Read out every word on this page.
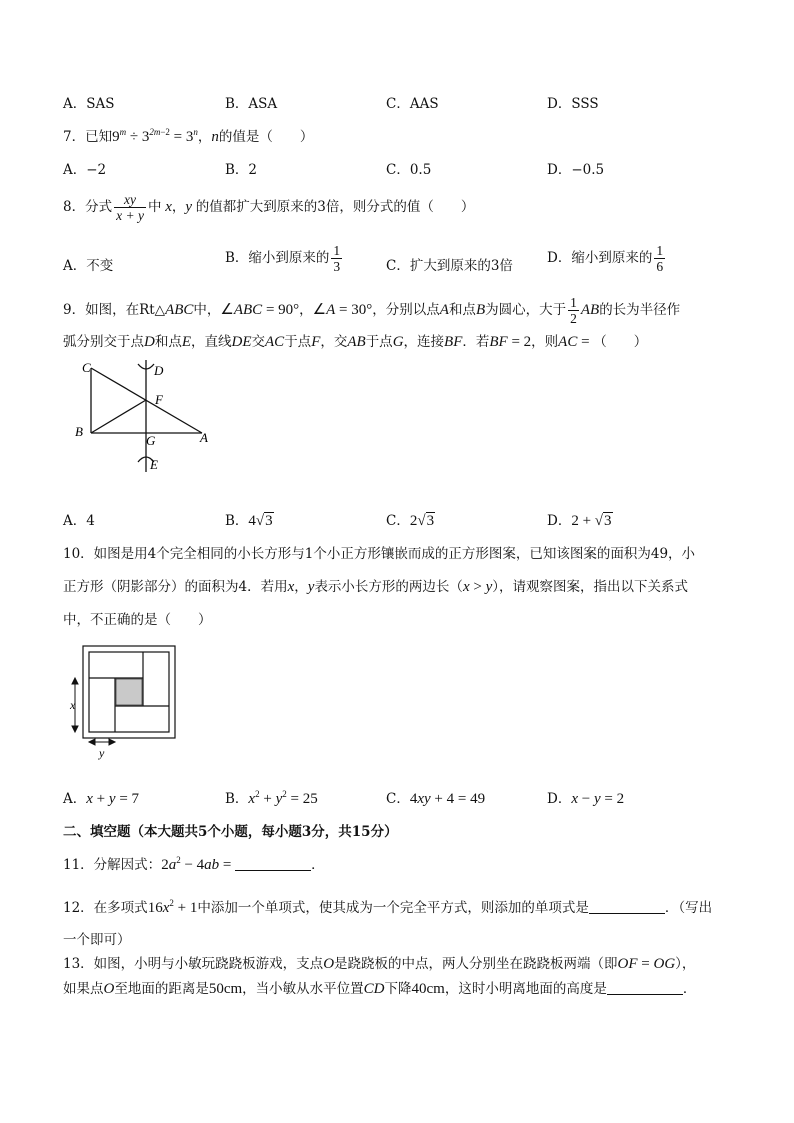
A．SAS	B．ASA	C．AAS	D．SSS
7．已知$9^m \div 3^{2m-2} = 3^n$，n的值是（　　）
A．−2	B．2	C．0.5	D．−0.5
8．分式 $\frac{xy}{x + y}$ 中 x，y 的值都扩大到原来的3倍，则分式的值（　　）
A．不变	B．缩小到原来的 $\frac{1}{3}$	C．扩大到原来的3倍	D．缩小到原来的 $\frac{1}{6}$
9．如图，在Rt△ABC中，∠ABC = 90°，∠A = 30°，分别以点A和点B为圆心，大于 $\frac{1}{2}$ AB的长为半径作
弧分别交于点D和点E，直线DE交AC于点F，交AB于点G，连接BF．若BF = 2，则AC = （　　）
C	D
F
B
G	A
E
A．4	B．4√3	C．2√3	D．2 + √3
10．如图是用4个完全相同的小长方形与1个小正方形镶嵌而成的正方形图案，已知该图案的面积为49，小
正方形（阴影部分）的面积为4．若用x，y表示小长方形的两边长（x > y），请观察图案，指出以下关系式
中，不正确的是（　　）
x
y
A．x + y = 7	B．$x^2 + y^2 = 25$	C．4xy + 4 = 49	D．x − y = 2
二、填空题（本大题共5个小题，每小题3分，共15分）
11．分解因式：$2a^2 - 4ab$ =	．
12．在多项式$16x^2 + 1$中添加一个单项式，使其成为一个完全平方式，则添加的单项式是	．（写出
一个即可）
13．如图，小明与小敏玩跷跷板游戏，支点O是跷跷板的中点，两人分别坐在跷跷板两端（即OF = OG），
如果点O至地面的距离是50cm，当小敏从水平位置CD下降40cm，这时小明离地面的高度是	．
